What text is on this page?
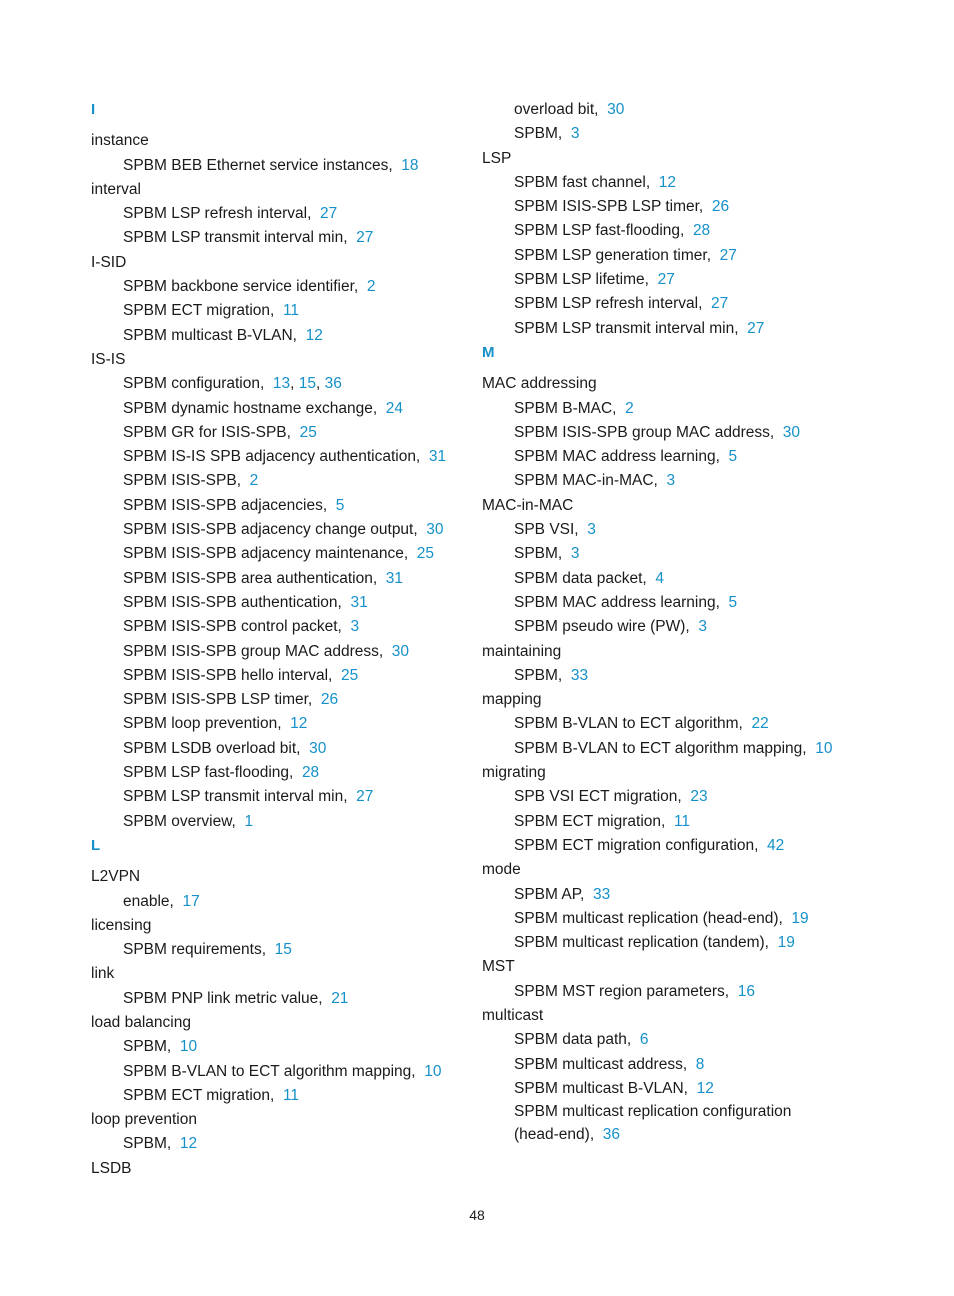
I
instance
SPBM BEB Ethernet service instances, 18
interval
SPBM LSP refresh interval, 27
SPBM LSP transmit interval min, 27
I-SID
SPBM backbone service identifier, 2
SPBM ECT migration, 11
SPBM multicast B-VLAN, 12
IS-IS
SPBM configuration, 13, 15, 36
SPBM dynamic hostname exchange, 24
SPBM GR for ISIS-SPB, 25
SPBM IS-IS SPB adjacency authentication, 31
SPBM ISIS-SPB, 2
SPBM ISIS-SPB adjacencies, 5
SPBM ISIS-SPB adjacency change output, 30
SPBM ISIS-SPB adjacency maintenance, 25
SPBM ISIS-SPB area authentication, 31
SPBM ISIS-SPB authentication, 31
SPBM ISIS-SPB control packet, 3
SPBM ISIS-SPB group MAC address, 30
SPBM ISIS-SPB hello interval, 25
SPBM ISIS-SPB LSP timer, 26
SPBM loop prevention, 12
SPBM LSDB overload bit, 30
SPBM LSP fast-flooding, 28
SPBM LSP transmit interval min, 27
SPBM overview, 1
L
L2VPN
enable, 17
licensing
SPBM requirements, 15
link
SPBM PNP link metric value, 21
load balancing
SPBM, 10
SPBM B-VLAN to ECT algorithm mapping, 10
SPBM ECT migration, 11
loop prevention
SPBM, 12
LSDB
overload bit, 30
SPBM, 3
LSP
SPBM fast channel, 12
SPBM ISIS-SPB LSP timer, 26
SPBM LSP fast-flooding, 28
SPBM LSP generation timer, 27
SPBM LSP lifetime, 27
SPBM LSP refresh interval, 27
SPBM LSP transmit interval min, 27
M
MAC addressing
SPBM B-MAC, 2
SPBM ISIS-SPB group MAC address, 30
SPBM MAC address learning, 5
SPBM MAC-in-MAC, 3
MAC-in-MAC
SPB VSI, 3
SPBM, 3
SPBM data packet, 4
SPBM MAC address learning, 5
SPBM pseudo wire (PW), 3
maintaining
SPBM, 33
mapping
SPBM B-VLAN to ECT algorithm, 22
SPBM B-VLAN to ECT algorithm mapping, 10
migrating
SPB VSI ECT migration, 23
SPBM ECT migration, 11
SPBM ECT migration configuration, 42
mode
SPBM AP, 33
SPBM multicast replication (head-end), 19
SPBM multicast replication (tandem), 19
MST
SPBM MST region parameters, 16
multicast
SPBM data path, 6
SPBM multicast address, 8
SPBM multicast B-VLAN, 12
SPBM multicast replication configuration (head-end), 36
48
